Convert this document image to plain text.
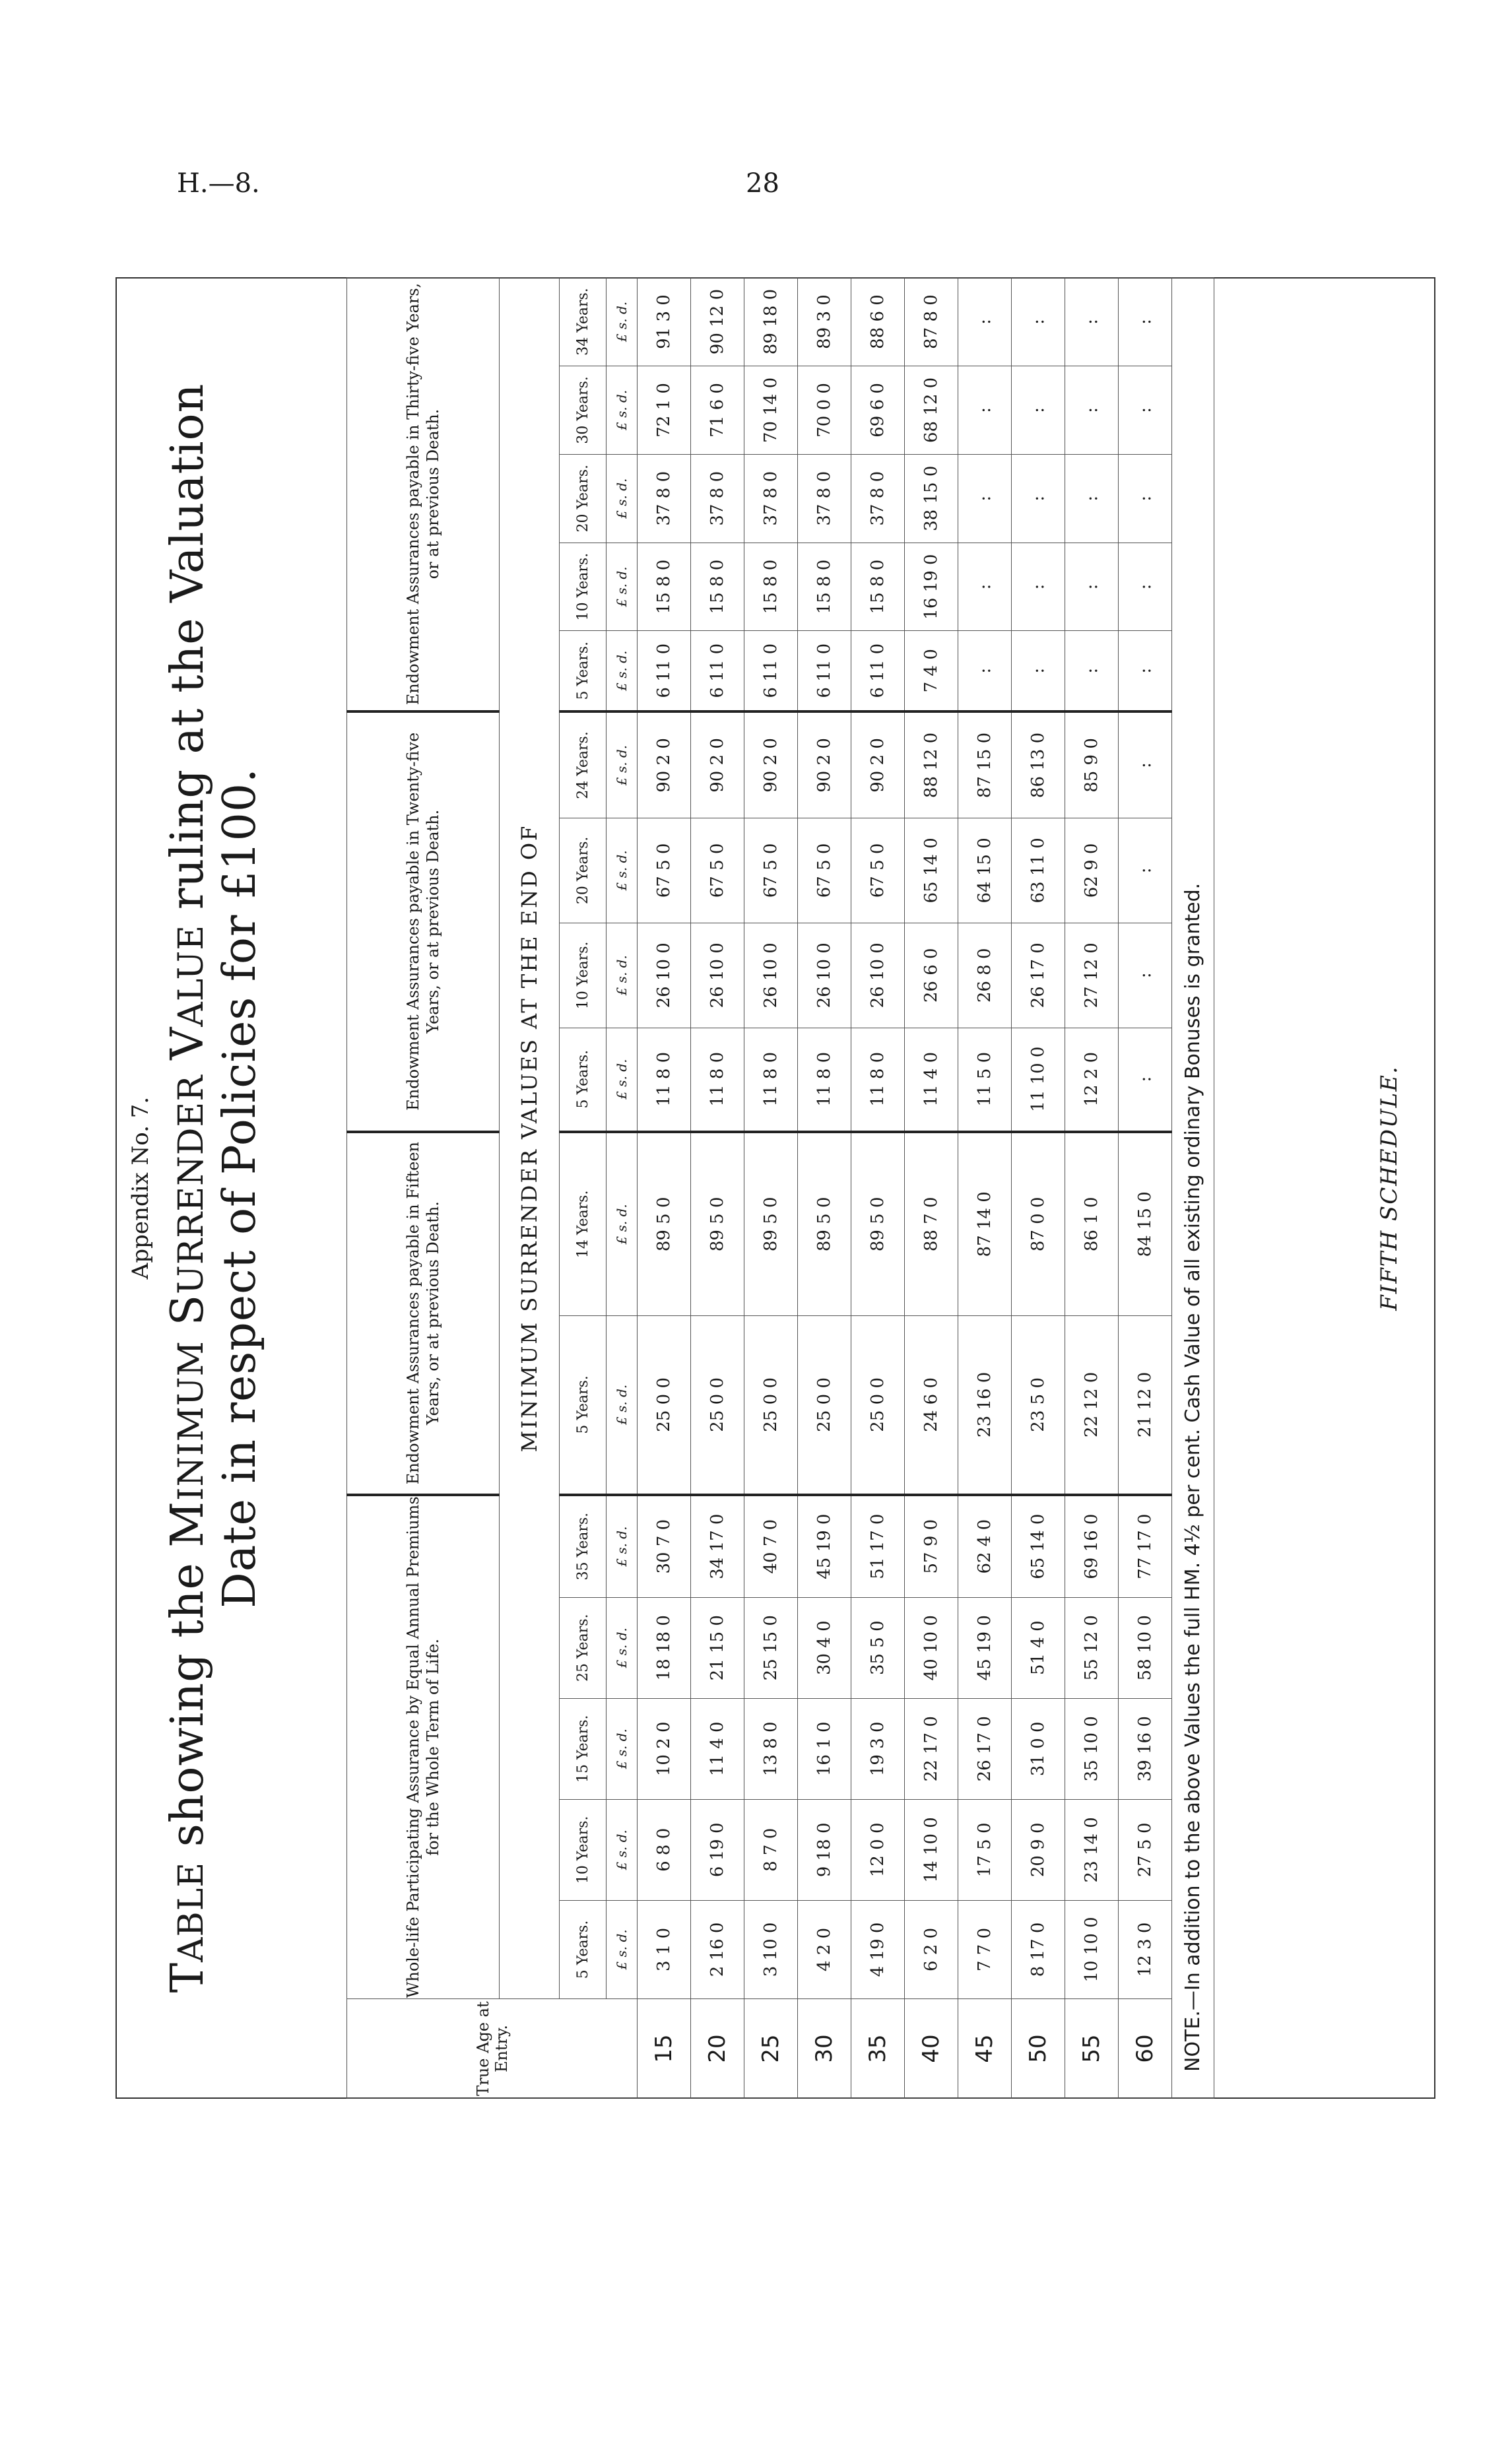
H.—8.	28
Appendix No. 7.
TABLE showing the MINIMUM SURRENDER VALUE ruling at the Valuation
Date in respect of Policies for £100.
True Age at Entry.	Whole-life Participating Assurance by Equal Annual Premiums for the Whole Term of Life.					Endowment Assurances payable in Fifteen Years, or at previous Death.		Endowment Assurances payable in Twenty-five Years, or at previous Death.				Endowment Assurances payable in Thirty-five Years, or at previous Death.				
	MINIMUM SURRENDER VALUES AT THE END OF															
	5 Years.	10 Years.	15 Years.	25 Years.	35 Years.	5 Years.	14 Years.	5 Years.	10 Years.	20 Years.	24 Years.	5 Years.	10 Years.	20 Years.	30 Years.	34 Years.
	£ s. d.	£ s. d.	£ s. d.	£ s. d.	£ s. d.	£ s. d.	£ s. d.	£ s. d.	£ s. d.	£ s. d.	£ s. d.	£ s. d.	£ s. d.	£ s. d.	£ s. d.	£ s. d.
15	3 1 0	6 8 0	10 2 0	18 18 0	30 7 0	25 0 0	89 5 0	11 8 0	26 10 0	67 5 0	90 2 0	6 11 0	15 8 0	37 8 0	72 1 0	91 3 0
20	2 16 0	6 19 0	11 4 0	21 15 0	34 17 0	25 0 0	89 5 0	11 8 0	26 10 0	67 5 0	90 2 0	6 11 0	15 8 0	37 8 0	71 6 0	90 12 0
25	3 10 0	8 7 0	13 8 0	25 15 0	40 7 0	25 0 0	89 5 0	11 8 0	26 10 0	67 5 0	90 2 0	6 11 0	15 8 0	37 8 0	70 14 0	89 18 0
30	4 2 0	9 18 0	16 1 0	30 4 0	45 19 0	25 0 0	89 5 0	11 8 0	26 10 0	67 5 0	90 2 0	6 11 0	15 8 0	37 8 0	70 0 0	89 3 0
35	4 19 0	12 0 0	19 3 0	35 5 0	51 17 0	25 0 0	89 5 0	11 8 0	26 10 0	67 5 0	90 2 0	6 11 0	15 8 0	37 8 0	69 6 0	88 6 0
40	6 2 0	14 10 0	22 17 0	40 10 0	57 9 0	24 6 0	88 7 0	11 4 0	26 6 0	65 14 0	88 12 0	7 4 0	16 19 0	38 15 0	68 12 0	87 8 0
45	7 7 0	17 5 0	26 17 0	45 19 0	62 4 0	23 16 0	87 14 0	11 5 0	26 8 0	64 15 0	87 15 0	:	:	:	:	:
50	8 17 0	20 9 0	31 0 0	51 4 0	65 14 0	23 5 0	87 0 0	11 10 0	26 17 0	63 11 0	86 13 0	:	:	:	:	:
55	10 10 0	23 14 0	35 10 0	55 12 0	69 16 0	22 12 0	86 1 0	12 2 0	27 12 0	62 9 0	85 9 0	:	:	:	:	:
60	12 3 0	27 5 0	39 16 0	58 10 0	77 17 0	21 12 0	84 15 0	:	:	:	:	:	:	:	:	:
NOTE.—In addition to the above Values the full HM. 4½ per cent. Cash Value of all existing ordinary Bonuses is granted.																	FIFTH SCHEDULE.
